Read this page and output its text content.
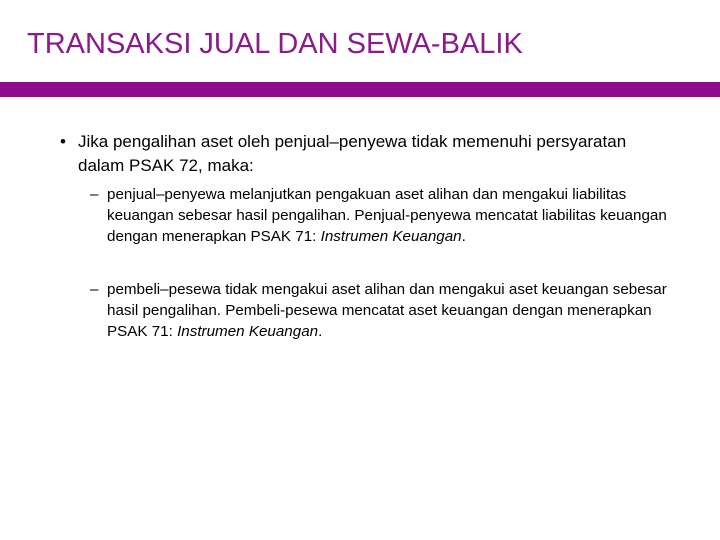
TRANSAKSI JUAL DAN SEWA-BALIK
• Jika pengalihan aset oleh penjual–penyewa tidak memenuhi persyaratan dalam PSAK 72, maka:
– penjual–penyewa melanjutkan pengakuan aset alihan dan mengakui liabilitas keuangan sebesar hasil pengalihan. Penjual-penyewa mencatat liabilitas keuangan dengan menerapkan PSAK 71: Instrumen Keuangan.
– pembeli–pesewa tidak mengakui aset alihan dan mengakui aset keuangan sebesar hasil pengalihan. Pembeli-pesewa mencatat aset keuangan dengan menerapkan PSAK 71: Instrumen Keuangan.
